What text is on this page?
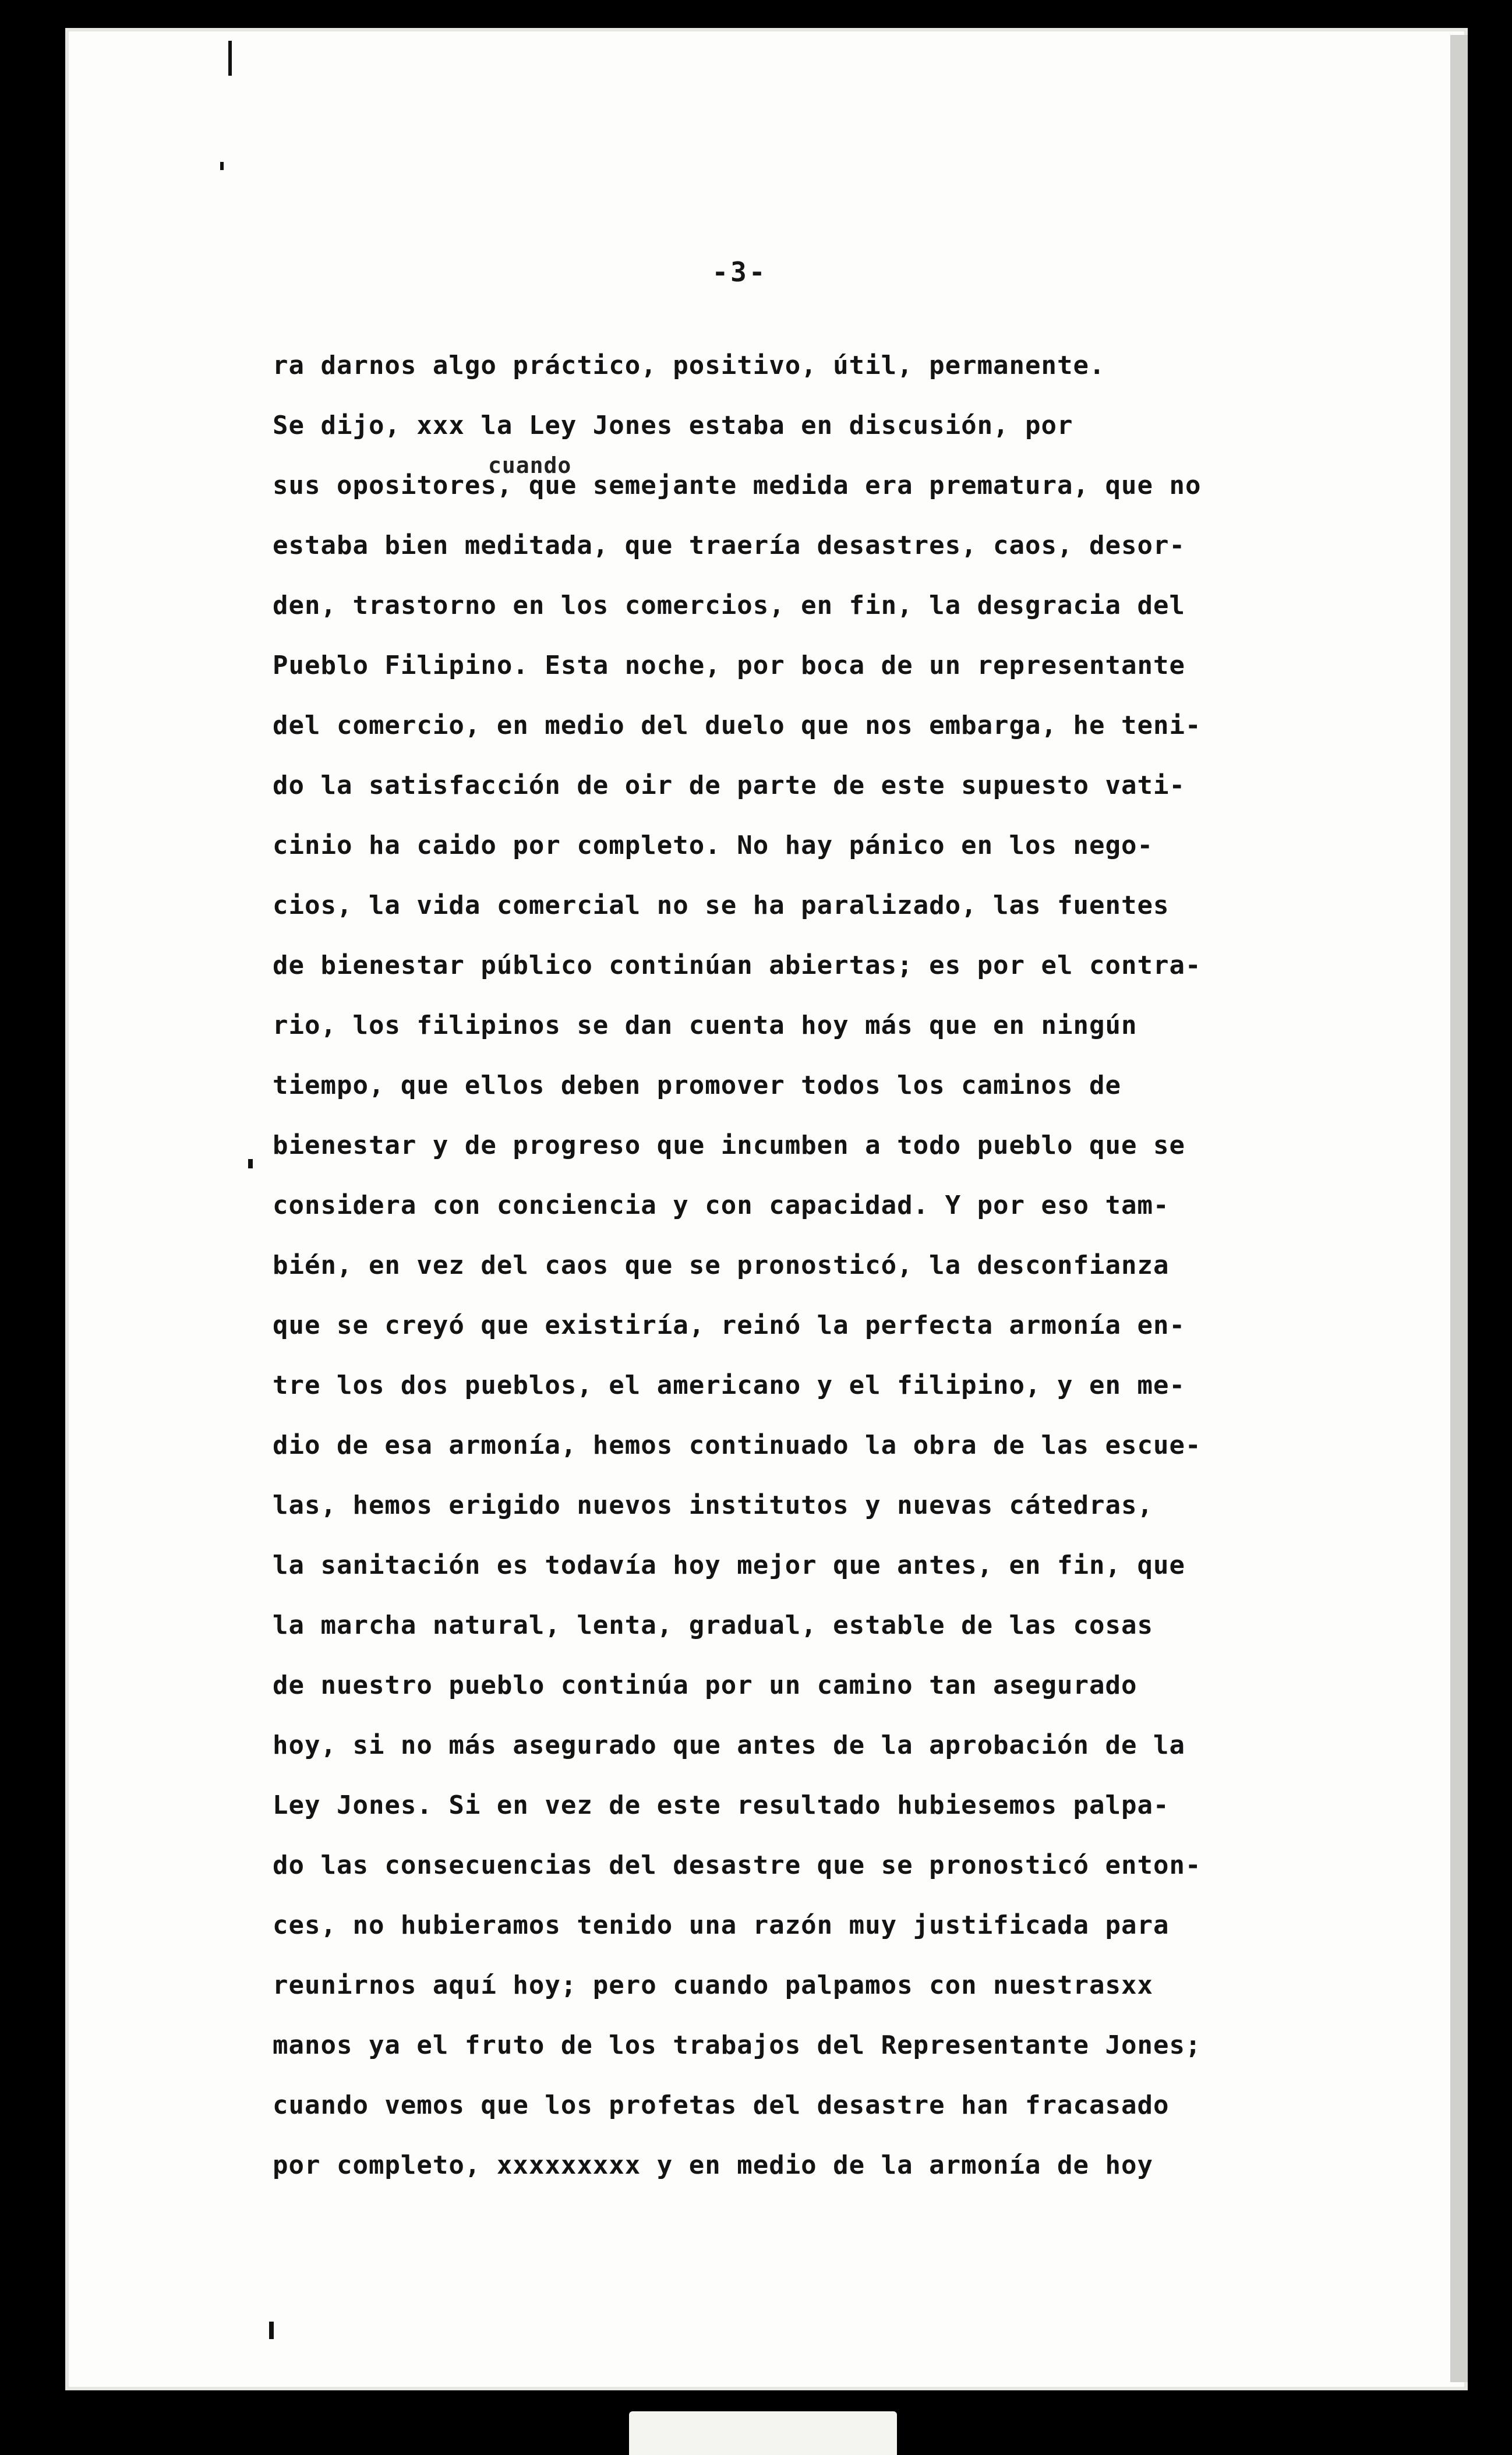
-3-
ra darnos algo práctico, positivo, útil, permanente.
Se dijo, xxx la Ley Jones estaba en discusión, por
cuando
sus opositores, que semejante medida era prematura, que no
estaba bien meditada, que traería desastres, caos, desor-
den, trastorno en los comercios, en fin, la desgracia del
Pueblo Filipino. Esta noche, por boca de un representante
del comercio, en medio del duelo que nos embarga, he teni-
do la satisfacción de oir de parte de este supuesto vati-
cinio ha caido por completo. No hay pánico en los nego-
cios, la vida comercial no se ha paralizado, las fuentes
de bienestar público continúan abiertas; es por el contra-
rio, los filipinos se dan cuenta hoy más que en ningún
tiempo, que ellos deben promover todos los caminos de
bienestar y de progreso que incumben a todo pueblo que se
considera con conciencia y con capacidad. Y por eso tam-
bién, en vez del caos que se pronosticó, la desconfianza
que se creyó que existiría, reinó la perfecta armonía en-
tre los dos pueblos, el americano y el filipino, y en me-
dio de esa armonía, hemos continuado la obra de las escue-
las, hemos erigido nuevos institutos y nuevas cátedras,
la sanitación es todavía hoy mejor que antes, en fin, que
la marcha natural, lenta, gradual, estable de las cosas
de nuestro pueblo continúa por un camino tan asegurado
hoy, si no más asegurado que antes de la aprobación de la
Ley Jones. Si en vez de este resultado hubiesemos palpa-
do las consecuencias del desastre que se pronosticó enton-
ces, no hubieramos tenido una razón muy justificada para
reunirnos aquí hoy; pero cuando palpamos con nuestrasxx
manos ya el fruto de los trabajos del Representante Jones;
cuando vemos que los profetas del desastre han fracasado
por completo, xxxxxxxxx y en medio de la armonía de hoy
